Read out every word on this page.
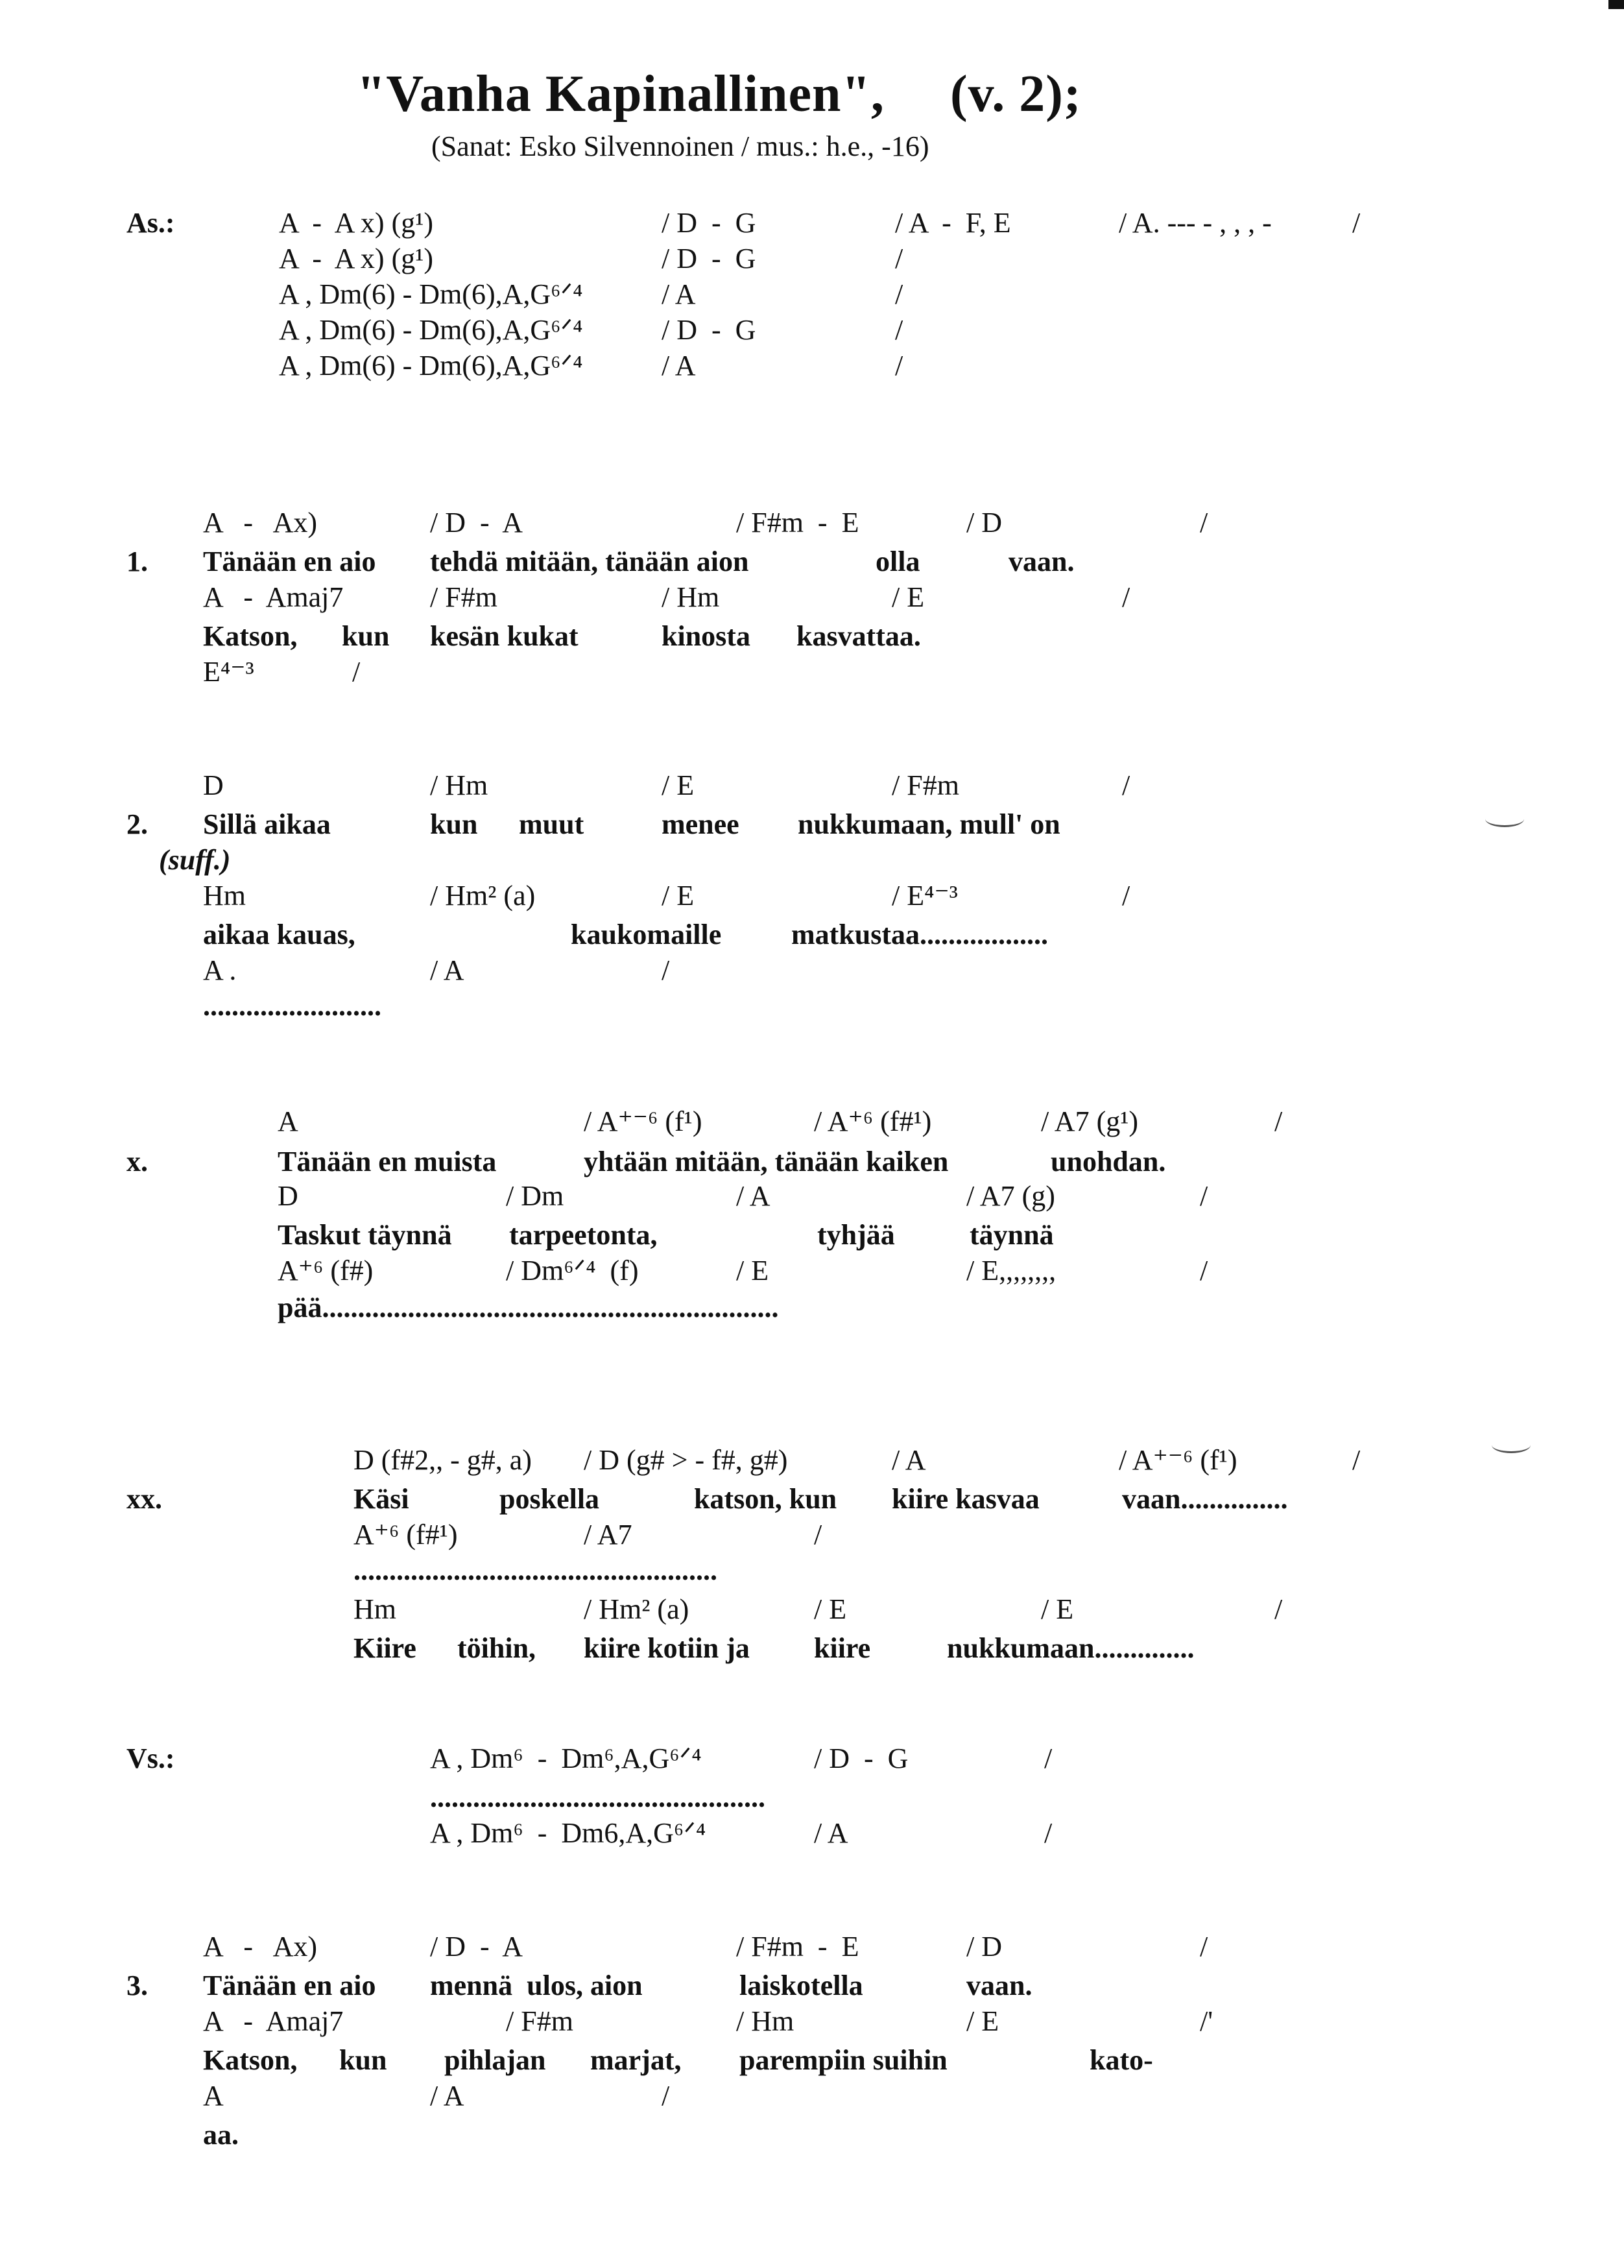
"Vanha Kapinallinen", (v. 2);
(Sanat: Esko Silvennoinen / mus.: h.e., -16)
As.:	A  -  A x) (g¹)	/ D  -  G	/ A  -  F, E	/ A. --- - , , , -	/
A  -  A x) (g¹)	/ D  -  G	/
A , Dm(6) - Dm(6),A,G⁶ᐟ⁴	/ A	/
A , Dm(6) - Dm(6),A,G⁶ᐟ⁴	/ D  -  G	/
A , Dm(6) - Dm(6),A,G⁶ᐟ⁴	/ A	/
1.
A   -   Ax)	/ D  -  A	/ F#m  -  E	/ D	/
Tänään en aio tehdä mitään, tänään aion	olla	vaan.
A   -  Amaj7	/ F#m	/ Hm	/ E	/
Katson, kun kesän kukat	kinosta kasvattaa.
E⁴⁻³	/
2.
D	/ Hm	/ E	/ F#m	/
Sillä aikaa	kun muut	menee nukkumaan, mull' on
(suff.)
Hm	/ Hm² (a)	/ E	/ E⁴⁻³	/
aikaa kauas,	kaukomaille matkustaa..................
A .	/ A	/
.........................
x.
A	/ A⁺⁻⁶ (f¹)	/ A⁺⁶ (f#¹)	/ A7 (g¹)	/
Tänään en muista	yhtään mitään, tänään kaiken	unohdan.
D	/ Dm	/ A	/ A7 (g)	/
Taskut täynnä tarpeetonta,	tyhjää	täynnä
A⁺⁶ (f#)	/ Dm⁶ᐟ⁴  (f)	/ E	/ E,,,,,,,,	/
pää................................................................
xx.
D (f#2,, - g#, a) / D (g# > - f#, g#)	/ A	/ A⁺⁻⁶ (f¹)	/
Käsi	poskella	katson, kun kiire kasvaa	vaan...............
A⁺⁶ (f#¹)	/ A7	/
...................................................
Hm	/ Hm² (a)	/ E	/ E	/
Kiire töihin, kiire kotiin ja kiire	nukkumaan..............
Vs.:	A , Dm⁶  -  Dm⁶,A,G⁶ᐟ⁴	/ D  -  G	/
...............................................
A , Dm⁶  -  Dm6,A,G⁶ᐟ⁴	/ A	/
3.
A   -   Ax)	/ D  -  A	/ F#m  -  E	/ D	/
Tänään en aio mennä  ulos, aion	laiskotella	vaan.
A   -  Amaj7	/ F#m	/ Hm	/ E	/'
Katson, kun pihlajan marjat, parempiin suihin	kato-
A	/ A	/
aa.
